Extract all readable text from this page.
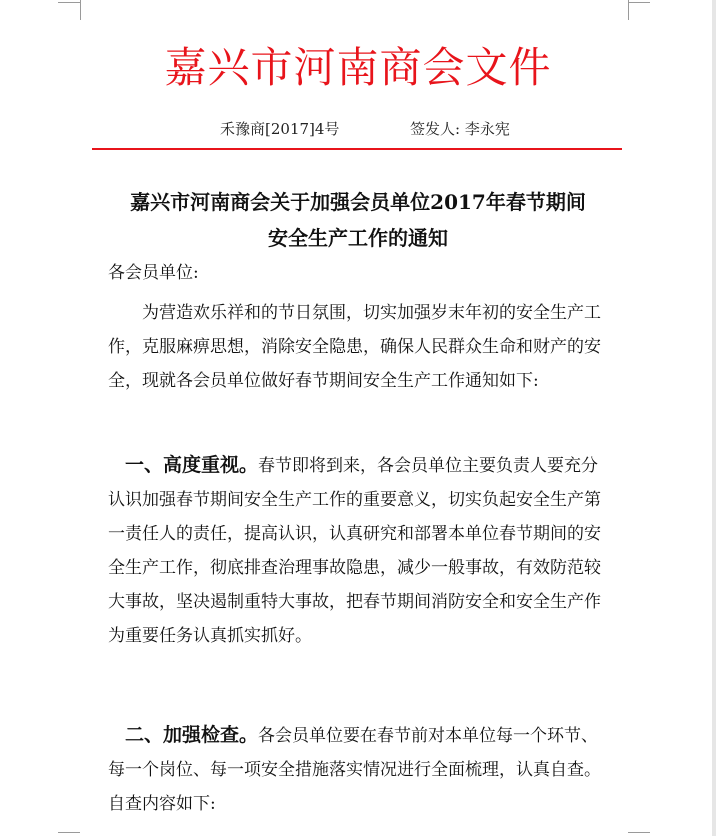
嘉兴市河南商会文件
禾豫商[2017]4号	签发人: 李永宪
嘉兴市河南商会关于加强会员单位2017年春节期间
安全生产工作的通知
各会员单位:
为营造欢乐祥和的节日氛围，切实加强岁末年初的安全生产工作，克服麻痹思想，消除安全隐患，确保人民群众生命和财产的安全，现就各会员单位做好春节期间安全生产工作通知如下:
一、高度重视。春节即将到来，各会员单位主要负责人要充分认识加强春节期间安全生产工作的重要意义，切实负起安全生产第一责任人的责任，提高认识，认真研究和部署本单位春节期间的安全生产工作，彻底排查治理事故隐患，减少一般事故，有效防范较大事故，坚决遏制重特大事故，把春节期间消防安全和安全生产作为重要任务认真抓实抓好。
二、加强检查。各会员单位要在春节前对本单位每一个环节、每一个岗位、每一项安全措施落实情况进行全面梳理，认真自查。自查内容如下:
